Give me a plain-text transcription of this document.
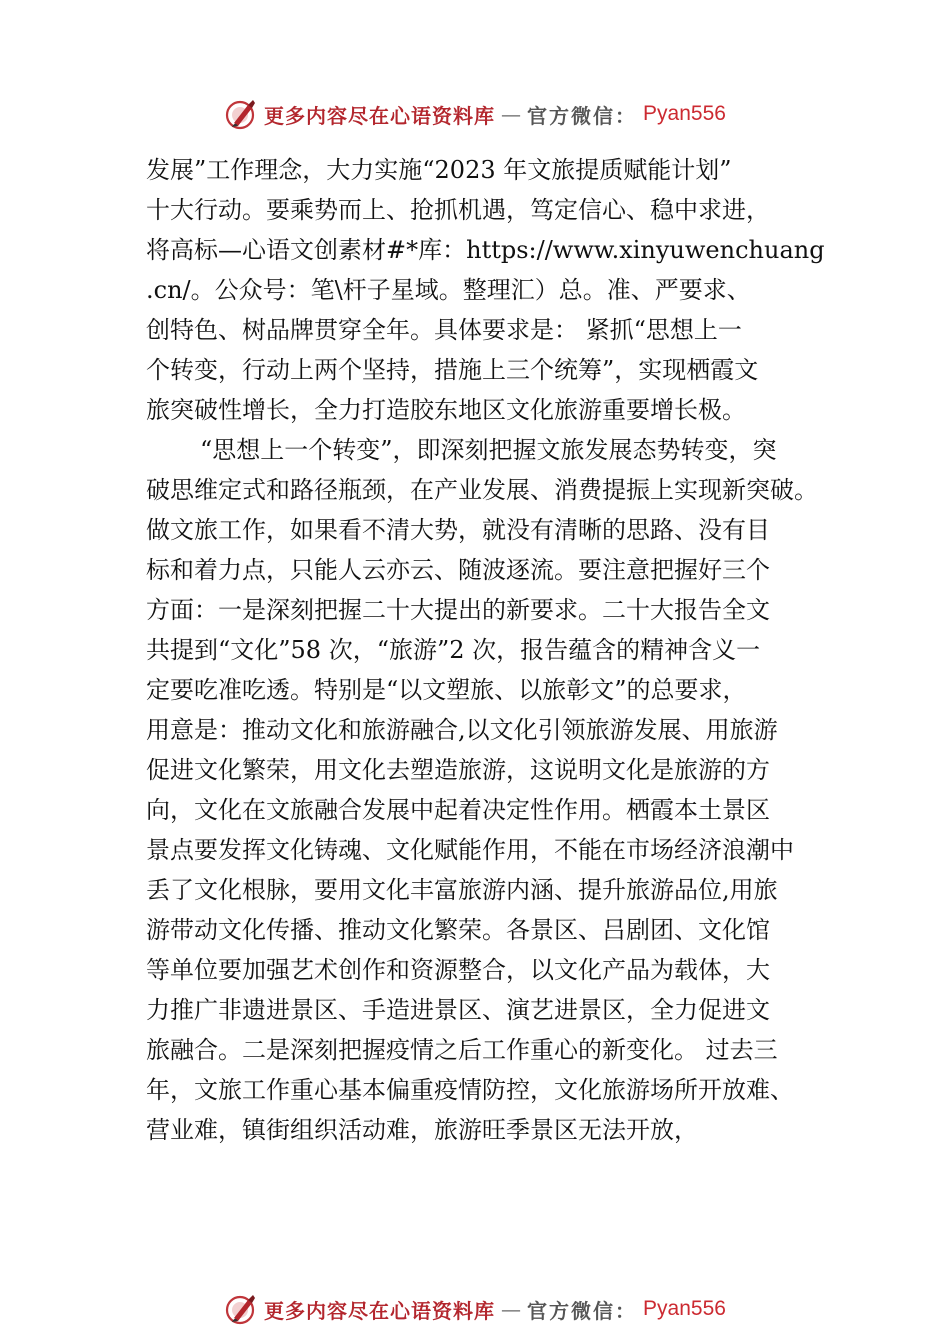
更多内容尽在心语资料库 — 官方微信： Pyan556
发展”工作理念，大力实施“2023 年文旅提质赋能计划”
十大行动。要乘势而上、抢抓机遇，笃定信心、稳中求进，
将高标—心语文创素材#*库：https://www.xinyuwenchuang
.cn/。公众号：笔\杆子星域。整理汇）总。准、严要求、
创特色、树品牌贯穿全年。具体要求是： 紧抓“思想上一
个转变，行动上两个坚持，措施上三个统筹”，实现栖霞文
旅突破性增长，全力打造胶东地区文化旅游重要增长极。
“思想上一个转变”，即深刻把握文旅发展态势转变，突
破思维定式和路径瓶颈，在产业发展、消费提振上实现新突破。
做文旅工作，如果看不清大势，就没有清晰的思路、没有目
标和着力点，只能人云亦云、随波逐流。要注意把握好三个
方面：一是深刻把握二十大提出的新要求。二十大报告全文
共提到“文化”58 次，“旅游”2 次，报告蕴含的精神含义一
定要吃准吃透。特别是“以文塑旅、以旅彰文”的总要求，
用意是：推动文化和旅游融合,以文化引领旅游发展、用旅游
促进文化繁荣，用文化去塑造旅游，这说明文化是旅游的方
向，文化在文旅融合发展中起着决定性作用。栖霞本土景区
景点要发挥文化铸魂、文化赋能作用，不能在市场经济浪潮中
丢了文化根脉，要用文化丰富旅游内涵、提升旅游品位,用旅
游带动文化传播、推动文化繁荣。各景区、吕剧团、文化馆
等单位要加强艺术创作和资源整合，以文化产品为载体，大
力推广非遗进景区、手造进景区、演艺进景区，全力促进文
旅融合。二是深刻把握疫情之后工作重心的新变化。 过去三
年，文旅工作重心基本偏重疫情防控，文化旅游场所开放难、
营业难，镇街组织活动难，旅游旺季景区无法开放，
更多内容尽在心语资料库 — 官方微信： Pyan556
